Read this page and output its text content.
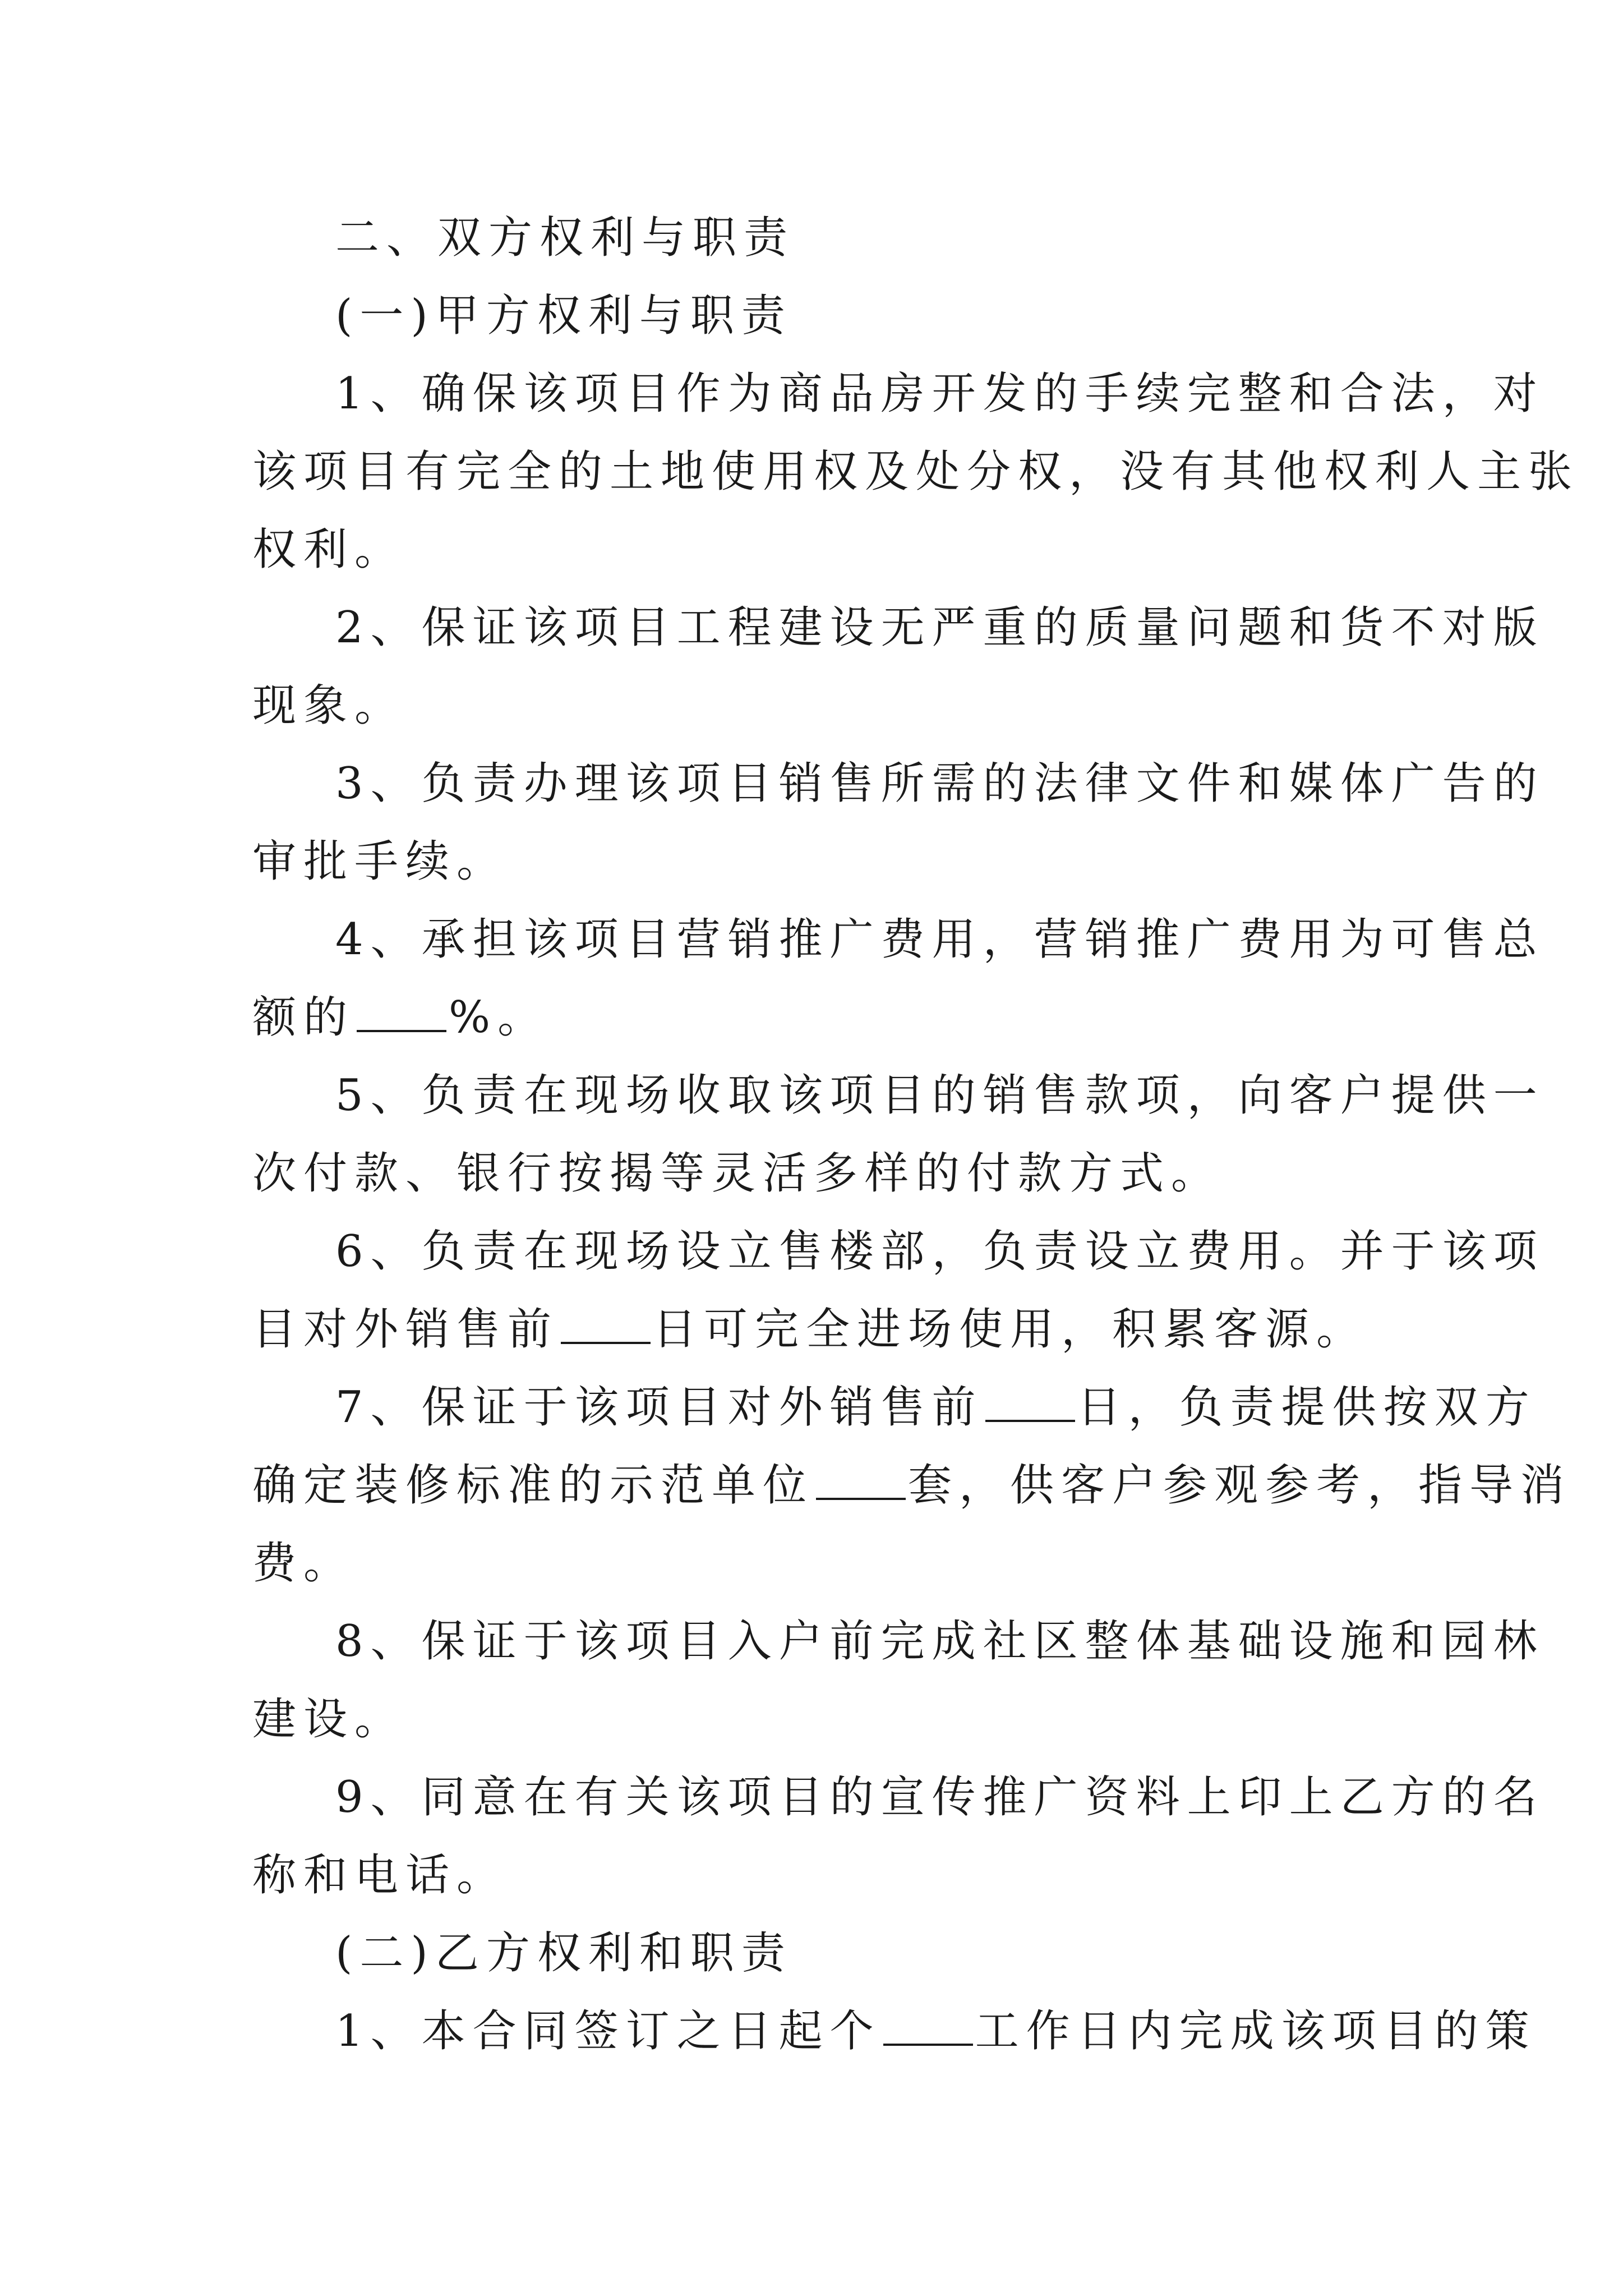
二、双方权利与职责
(一)甲方权利与职责
1、确保该项目作为商品房开发的手续完整和合法，对
该项目有完全的土地使用权及处分权，没有其他权利人主张
权利。
2、保证该项目工程建设无严重的质量问题和货不对版
现象。
3、负责办理该项目销售所需的法律文件和媒体广告的
审批手续。
4、承担该项目营销推广费用，营销推广费用为可售总
额的 %。
5、负责在现场收取该项目的销售款项，向客户提供一
次付款、银行按揭等灵活多样的付款方式。
6、负责在现场设立售楼部，负责设立费用。并于该项
目对外销售前 日可完全进场使用，积累客源。
7、保证于该项目对外销售前 日，负责提供按双方
确定装修标准的示范单位 套，供客户参观参考，指导消
费。
8、保证于该项目入户前完成社区整体基础设施和园林
建设。
9、同意在有关该项目的宣传推广资料上印上乙方的名
称和电话。
(二)乙方权利和职责
1、本合同签订之日起个 工作日内完成该项目的策
